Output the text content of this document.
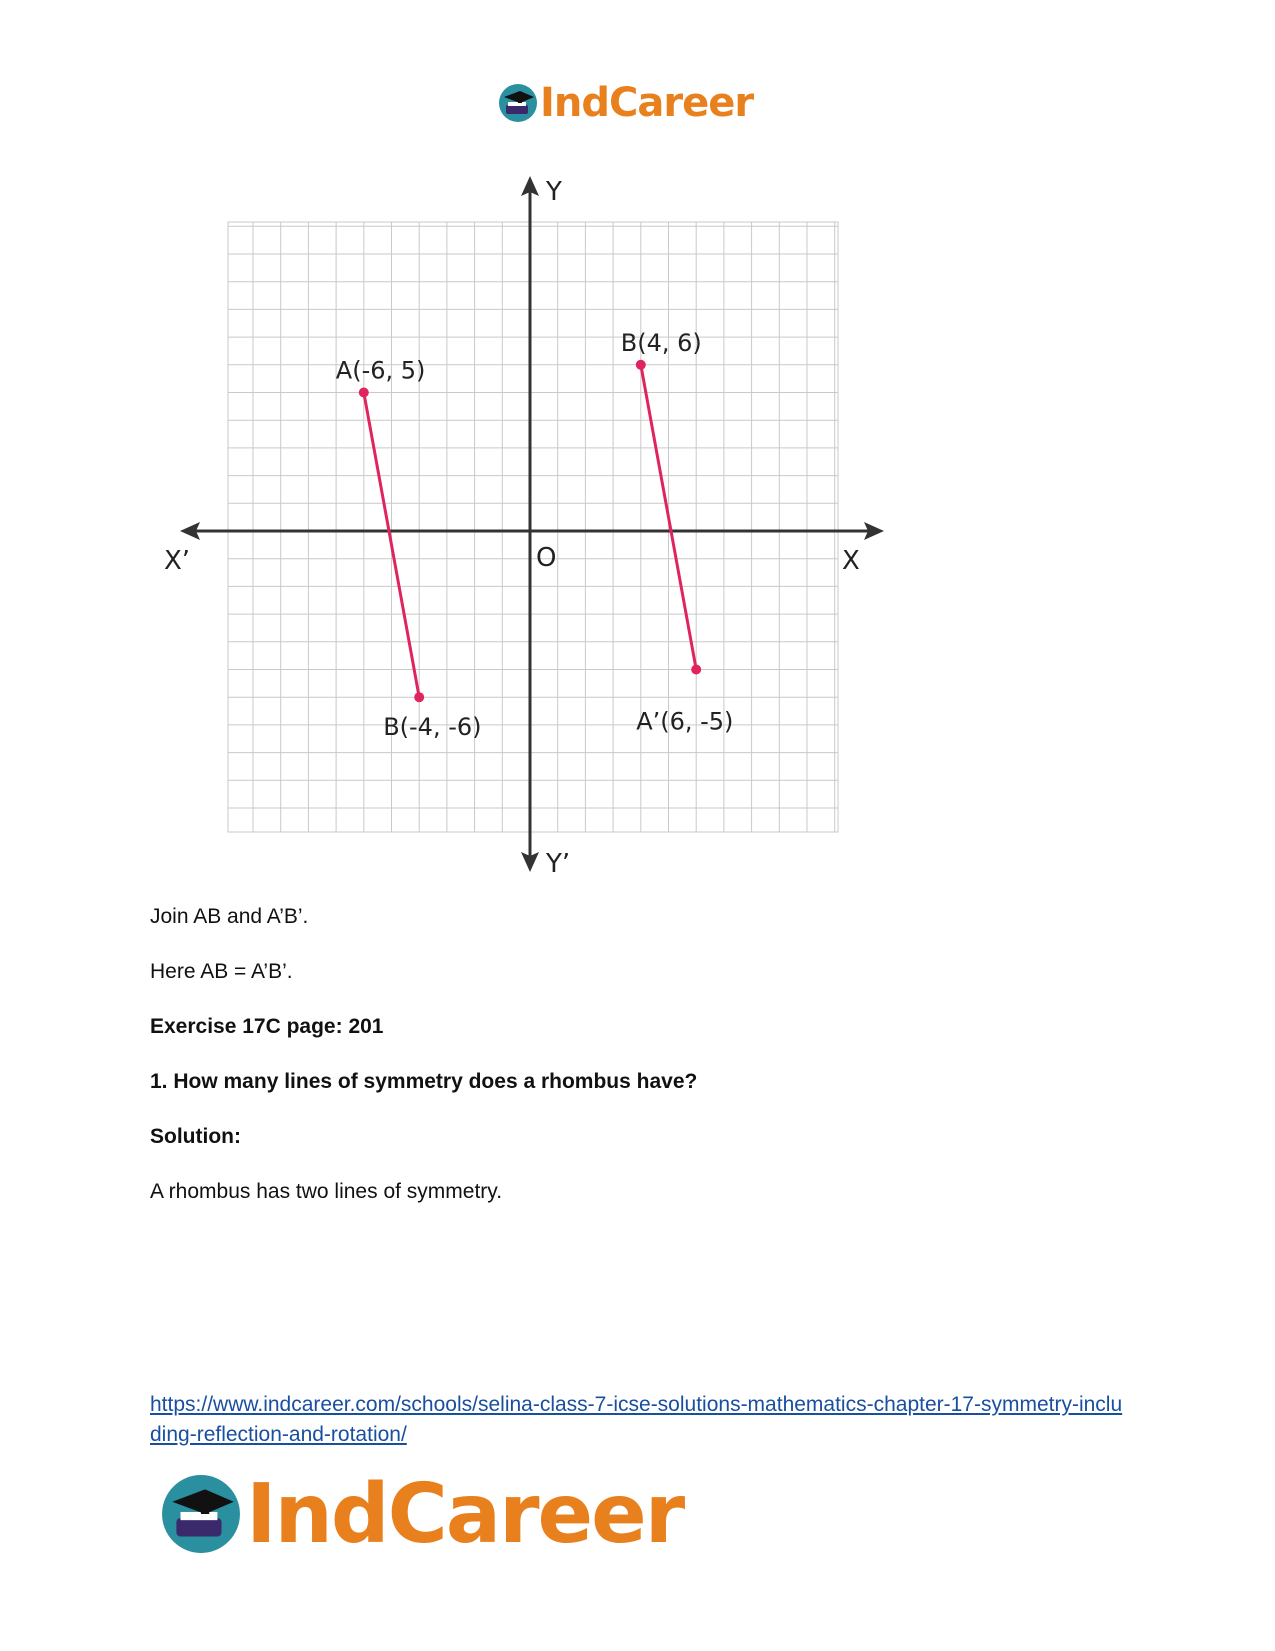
IndCareer
Y
Y’
X
X’	O
A(-6, 5)
B(-4, -6)
B(4, 6)
A’(6, -5)

Join AB and A’B’.

Here AB = A’B’.

Exercise 17C page: 201

1. How many lines of symmetry does a rhombus have?

Solution:

A rhombus has two lines of symmetry.

https://www.indcareer.com/schools/selina-class-7-icse-solutions-mathematics-chapter-17-symmetry-including-reflection-and-rotation/
IndCareer
